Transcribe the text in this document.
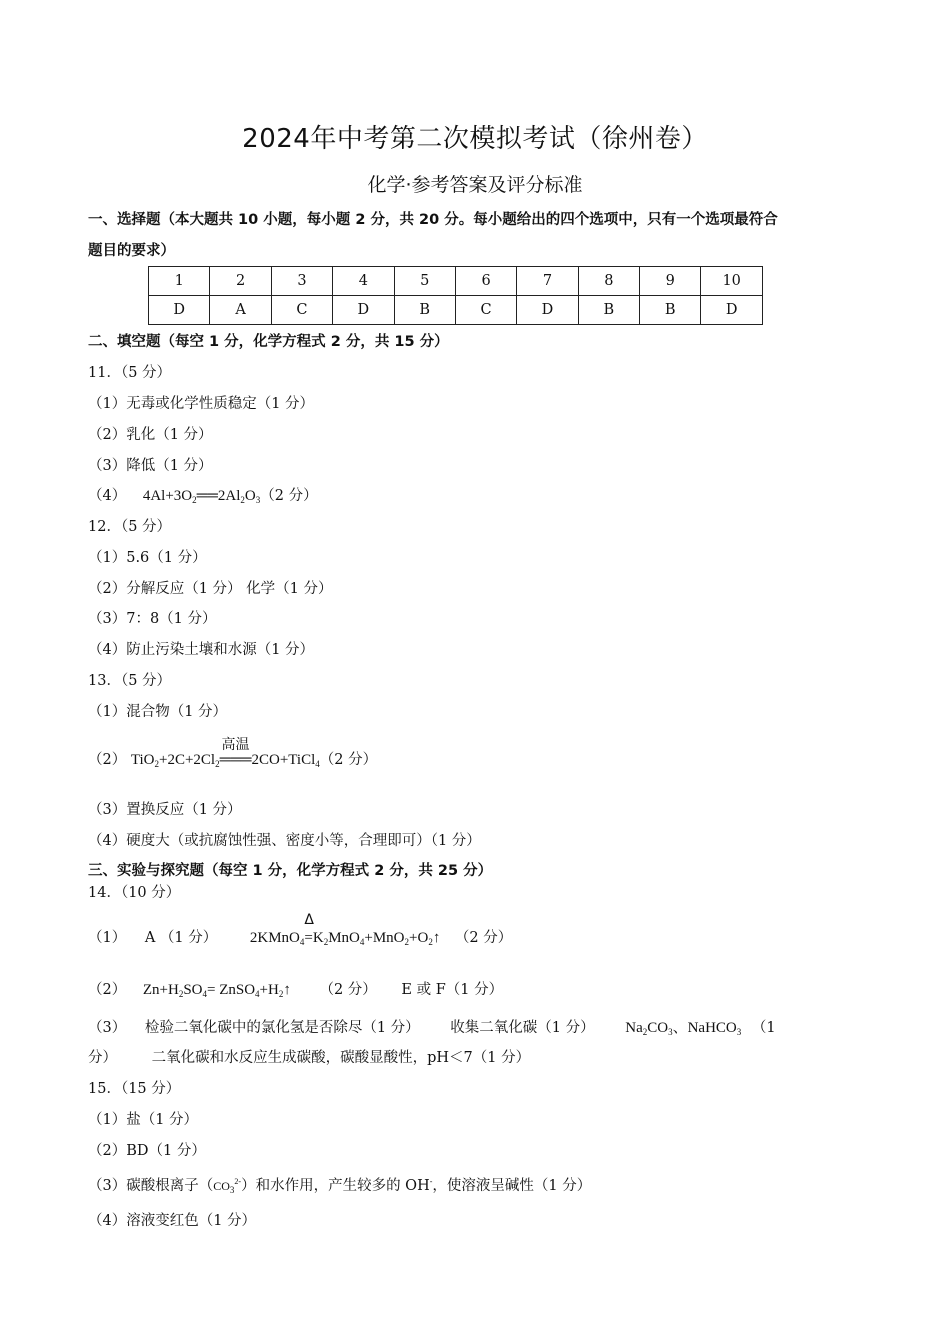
2024年中考第二次模拟考试（徐州卷）
化学·参考答案及评分标准
一、选择题（本大题共 10 小题，每小题 2 分，共 20 分。每小题给出的四个选项中，只有一个选项最符合
题目的要求）
1	2	3	4	5	6	7	8	9	10
D	A	C	D	B	C	D	B	B	D
二、填空题（每空 1 分，化学方程式 2 分，共 15 分）
11．（5 分）
（1）无毒或化学性质稳定（1 分）
（2）乳化（1 分）
（3）降低（1 分）
（4） $4Al+3O_2══2Al_2O_3(2$ 分）
12．（5 分）
（1）5.6（1 分）
（2）分解反应（1 分） 化学（1 分）
（3）7：8（1 分）
（4）防止污染土壤和水源（1 分）
13．（5 分）
（1）混合物（1 分）
（2） $TiO_2+2C+2Cl_2$
高温
═══2CO+TiCl$_4$（2 分）
（3）置换反应（1 分）
（4）硬度大（或抗腐蚀性强、密度小等，合理即可）（1 分）
三、实验与探究题（每空 1 分，化学方程式 2 分，共 25 分）
14．（10 分）
（1） A （1 分） 2KMnO$_4$
Δ
$=K_2MnO_4+MnO_2+O_2↑$ （2 分）
（2） $Zn+H_2SO_4=$ $ZnSO_4+H_2↑$ （2 分） E 或 F（1 分）
（3） 检验二氧化碳中的氯化氢是否除尽（1 分） 收集二氧化碳（1 分） $Na_2CO_3$、NaHCO$_3$ （1
分） 二氧化碳和水反应生成碳酸，碳酸显酸性，pH＜7（1 分）
15．（15 分）
（1）盐（1 分）
（2）BD（1 分）
（3）碳酸根离子$(CO_3^{2-})$和水作用，产生较多的 OH-，使溶液呈碱性（1 分）
（4）溶液变红色（1 分）
